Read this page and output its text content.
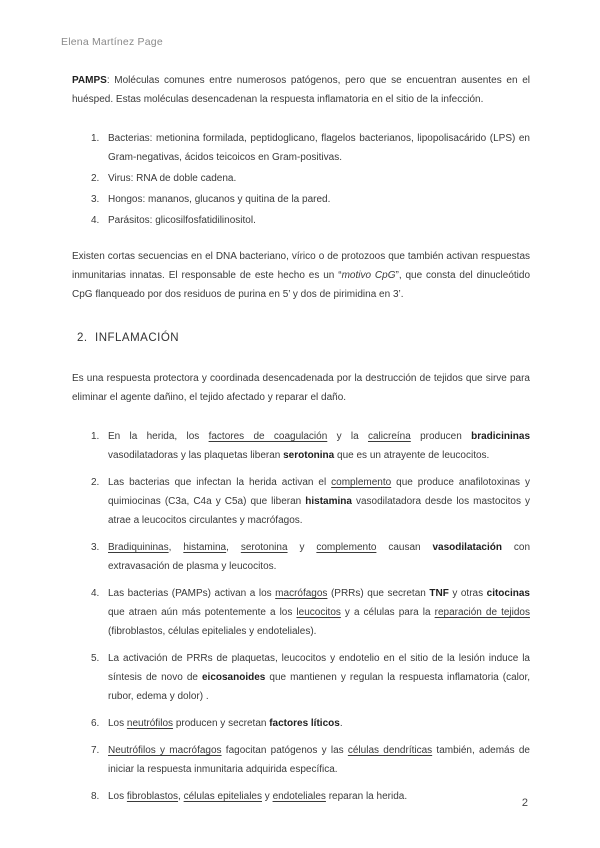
Elena Martínez Page

PAMPS: Moléculas comunes entre numerosos patógenos, pero que se encuentran ausentes en el huésped. Estas moléculas desencadenan la respuesta inflamatoria en el sitio de la infección.

1. Bacterias: metionina formilada, peptidoglicano, flagelos bacterianos, lipopolisacárido (LPS) en Gram-negativas, ácidos teicoicos en Gram-positivas.
2. Virus: RNA de doble cadena.
3. Hongos: mananos, glucanos y quitina de la pared.
4. Parásitos: glicosilfosfatidilinositol.

Existen cortas secuencias en el DNA bacteriano, vírico o de protozoos que también activan respuestas inmunitarias innatas. El responsable de este hecho es un “motivo CpG”, que consta del dinucleótido CpG flanqueado por dos residuos de purina en 5’ y dos de pirimidina en 3’.

2. INFLAMACIÓN

Es una respuesta protectora y coordinada desencadenada por la destrucción de tejidos que sirve para eliminar el agente dañino, el tejido afectado y reparar el daño.

1. En la herida, los factores de coagulación y la calicreína producen bradicininas vasodilatadoras y las plaquetas liberan serotonina que es un atrayente de leucocitos.
2. Las bacterias que infectan la herida activan el complemento que produce anafilotoxinas y quimiocinas (C3a, C4a y C5a) que liberan histamina vasodilatadora desde los mastocitos y atrae a leucocitos circulantes y macrófagos.
3. Bradiquininas, histamina, serotonina y complemento causan vasodilatación con extravasación de plasma y leucocitos.
4. Las bacterias (PAMPs) activan a los macrófagos (PRRs) que secretan TNF y otras citocinas que atraen aún más potentemente a los leucocitos y a células para la reparación de tejidos (fibroblastos, células epiteliales y endoteliales).
5. La activación de PRRs de plaquetas, leucocitos y endotelio en el sitio de la lesión induce la síntesis de novo de eicosanoides que mantienen y regulan la respuesta inflamatoria (calor, rubor, edema y dolor) .
6. Los neutrófilos producen y secretan factores líticos.
7. Neutrófilos y macrófagos fagocitan patógenos y las células dendríticas también, además de iniciar la respuesta inmunitaria adquirida específica.
8. Los fibroblastos, células epiteliales y endoteliales reparan la herida.
2
